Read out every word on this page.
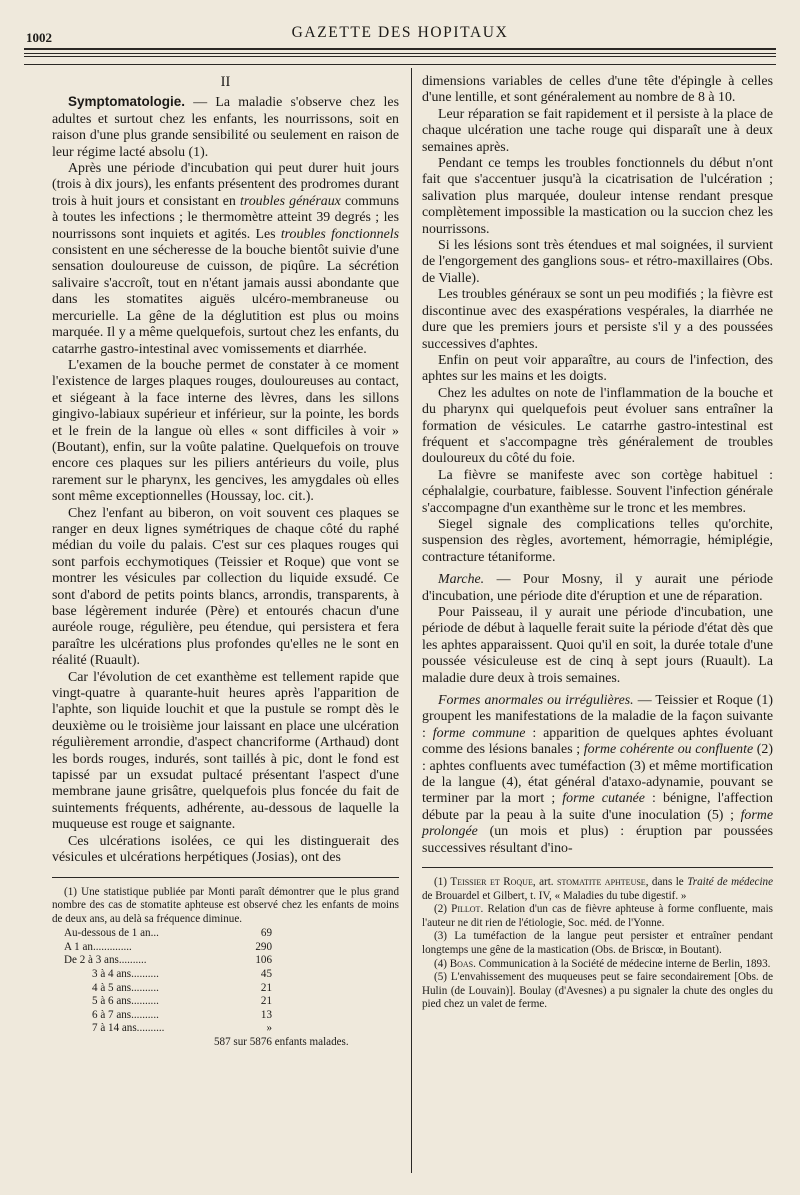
1002	GAZETTE DES HOPITAUX
II

Symptomatologie. — La maladie s'observe chez les adultes et surtout chez les enfants, les nourrissons, soit en raison d'une plus grande sensibilité ou seulement en raison de leur régime lacté absolu (1).

Après une période d'incubation qui peut durer huit jours (trois à dix jours), les enfants présentent des prodromes durant trois à huit jours et consistant en troubles généraux communs à toutes les infections ; le thermomètre atteint 39 degrés ; les nourrissons sont inquiets et agités. Les troubles fonctionnels consistent en une sécheresse de la bouche bientôt suivie d'une sensation douloureuse de cuisson, de piqûre. La sécrétion salivaire s'accroît, tout en n'étant jamais aussi abondante que dans les stomatites aiguës ulcéro-membraneuse ou mercurielle. La gêne de la déglutition est plus ou moins marquée. Il y a même quelquefois, surtout chez les enfants, du catarrhe gastro-intestinal avec vomissements et diarrhée.

L'examen de la bouche permet de constater à ce moment l'existence de larges plaques rouges, douloureuses au contact, et siégeant à la face interne des lèvres, dans les sillons gingivo-labiaux supérieur et inférieur, sur la pointe, les bords et le frein de la langue où elles « sont difficiles à voir » (Boutant), enfin, sur la voûte palatine. Quelquefois on trouve encore ces plaques sur les piliers antérieurs du voile, plus rarement sur le pharynx, les gencives, les amygdales où elles sont même exceptionnelles (Houssay, loc. cit.).

Chez l'enfant au biberon, on voit souvent ces plaques se ranger en deux lignes symétriques de chaque côté du raphé médian du voile du palais. C'est sur ces plaques rouges qui sont parfois ecchymotiques (Teissier et Roque) que vont se montrer les vésicules par collection du liquide exsudé. Ce sont d'abord de petits points blancs, arrondis, transparents, à base légèrement indurée (Père) et entourés chacun d'une auréole rouge, régulière, peu étendue, qui persistera et fera paraître les ulcérations plus profondes qu'elles ne le sont en réalité (Ruault).

Car l'évolution de cet exanthème est tellement rapide que vingt-quatre à quarante-huit heures après l'apparition de l'aphte, son liquide louchit et que la pustule se rompt dès le deuxième ou le troisième jour laissant en place une ulcération régulièrement arrondie, d'aspect chancriforme (Arthaud) dont les bords rouges, indurés, sont taillés à pic, dont le fond est tapissé par un exsudat pultacé présentant l'aspect d'une membrane jaune grisâtre, quelquefois plus foncée du fait de suintements fréquents, adhérente, au-dessous de laquelle la muqueuse est rouge et saignante.

Ces ulcérations isolées, ce qui les distinguerait des vésicules et ulcérations herpétiques (Josias), ont des

(1) Une statistique publiée par Monti paraît démontrer que le plus grand nombre des cas de stomatite aphteuse est observé chez les enfants de moins de deux ans, au delà sa fréquence diminue.

Au-dessous de 1 an...	69
A 1 an..............	290
De 2 à 3 ans..........	106
3 à 4 ans..........	45
4 à 5 ans..........	21
5 à 6 ans..........	21
6 à 7 ans..........	13
7 à 14 ans..........	»
587 sur 5876 enfants malades.

dimensions variables de celles d'une tête d'épingle à celles d'une lentille, et sont généralement au nombre de 8 à 10.

Leur réparation se fait rapidement et il persiste à la place de chaque ulcération une tache rouge qui disparaît une à deux semaines après.

Pendant ce temps les troubles fonctionnels du début n'ont fait que s'accentuer jusqu'à la cicatrisation de l'ulcération ; salivation plus marquée, douleur intense rendant presque complètement impossible la mastication ou la succion chez les nourrissons.

Si les lésions sont très étendues et mal soignées, il survient de l'engorgement des ganglions sous- et rétro-maxillaires (Obs. de Vialle).

Les troubles généraux se sont un peu modifiés ; la fièvre est discontinue avec des exaspérations vespérales, la diarrhée ne dure que les premiers jours et persiste s'il y a des poussées successives d'aphtes.

Enfin on peut voir apparaître, au cours de l'infection, des aphtes sur les mains et les doigts.

Chez les adultes on note de l'inflammation de la bouche et du pharynx qui quelquefois peut évoluer sans entraîner la formation de vésicules. Le catarrhe gastro-intestinal est fréquent et s'accompagne très généralement de troubles douloureux du côté du foie.

La fièvre se manifeste avec son cortège habituel : céphalalgie, courbature, faiblesse. Souvent l'infection générale s'accompagne d'un exanthème sur le tronc et les membres.

Siegel signale des complications telles qu'orchite, suspension des règles, avortement, hémorragie, hémiplégie, contracture tétaniforme.

Marche. — Pour Mosny, il y aurait une période d'incubation, une période dite d'éruption et une de réparation.

Pour Paisseau, il y aurait une période d'incubation, une période de début à laquelle ferait suite la période d'état dès que les aphtes apparaissent. Quoi qu'il en soit, la durée totale d'une poussée vésiculeuse est de cinq à sept jours (Ruault). La maladie dure deux à trois semaines.

Formes anormales ou irrégulières. — Teissier et Roque (1) groupent les manifestations de la maladie de la façon suivante : forme commune : apparition de quelques aphtes évoluant comme des lésions banales ; forme cohérente ou confluente (2) : aphtes confluents avec tuméfaction (3) et même mortification de la langue (4), état général d'ataxo-adynamie, pouvant se terminer par la mort ; forme cutanée : bénigne, l'affection débute par la peau à la suite d'une inoculation (5) ; forme prolongée (un mois et plus) : éruption par poussées successives résultant d'ino-

(1) Teissier et Roque, art. stomatite aphteuse, dans le Traité de médecine de Brouardel et Gilbert, t. IV, « Maladies du tube digestif. »

(2) Pillot. Relation d'un cas de fièvre aphteuse à forme confluente, mais l'auteur ne dit rien de l'étiologie, Soc. méd. de l'Yonne.

(3) La tuméfaction de la langue peut persister et entraîner pendant longtemps une gêne de la mastication (Obs. de Briscœ, in Boutant).

(4) Boas. Communication à la Société de médecine interne de Berlin, 1893.

(5) L'envahissement des muqueuses peut se faire secondairement [Obs. de Hulin (de Louvain)]. Boulay (d'Avesnes) a pu signaler la chute des ongles du pied chez un valet de ferme.
